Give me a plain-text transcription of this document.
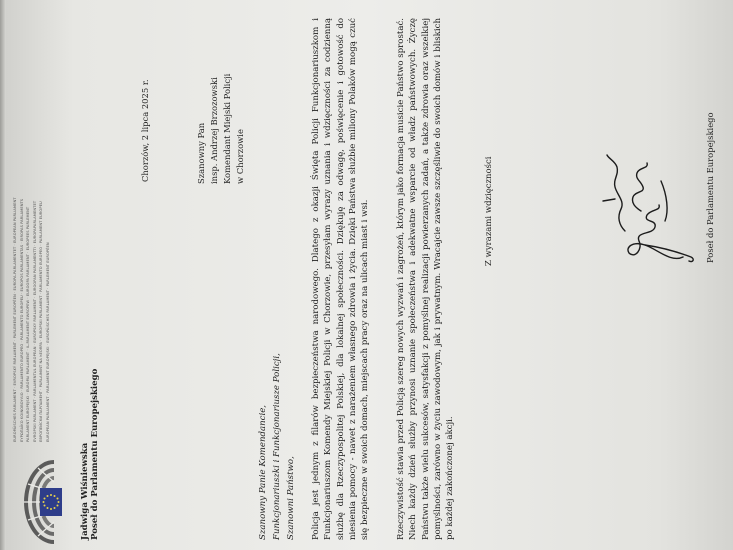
EUROPÄISCHES PARLAMENT · EVROPSKÝ PARLAMENT · PARLEMENT EUROPÉEN · EUROPA-PARLAMENTET · EUROPEAN PARLIAMENT ΕΥΡΩΠΑΪΚΟ ΚΟΙΝΟΒΟΥΛΙΟ · PARLAMENTO EUROPEO · PARLAMENTO EUROPEU · EUROPOS PARLAMENTAS · EIROPAS PARLAMENTS PARLAMENT EUROPEJSKI · EURÓPAI PARLAMENT · IL-PARLAMENT EWROPEW · EUROOPA PARLAMENT · EUROPEES PARLEMENT EVROPSKI PARLAMENT · PARLAMENTUL EUROPEAN · EURÓPSKY PARLAMENT · EUROOPAN PARLAMENTTI · EUROPAPARLAMENTET ЕВРОПЕЙСКИ ПАРЛАМЕНТ · PARLAIMINT NA hEORPA · EUROPSKI PARLAMENT · PARLAMENTO EUROPEO · PARLAMENT EUROPEU EUROPEAN PARLIAMENT · PARLAMENT EUROPEJSKI · EUROPÄISCHES PARLAMENT · PARLEMENT EUROPÉEN
Jadwiga Wiśniewska Poseł do Parlamentu Europejskiego
Chorzów, 2 lipca 2025 r.	Szanowny Pan insp. Andrzej Brzozowski Komendant Miejski Policji w Chorzowie
Szanowny Panie Komendancie, Funkcjonariuszki i Funkcjonariusze Policji, Szanowni Państwo, Policja jest jednym z filarów bezpieczeństwa narodowego. Dlatego z okazji Święta Policji Funkcjonariuszkom i Funkcjonariuszom Komendy Miejskiej Policji w Chorzowie, przesyłam wyrazy uznania i wdzięczności za codzienną służbę dla Rzeczypospolitej Polskiej, dla lokalnej społeczności. Dziękuję za odwagę, poświęcenie i gotowość do niesienia pomocy - nawet z narażeniem własnego zdrowia i życia. Dzięki Państwa służbie miliony Polaków mogą czuć się bezpieczne w swoich domach, miejscach pracy oraz na ulicach miast i wsi.	Rzeczywistość stawia przed Policją szereg nowych wyzwań i zagrożeń, którym jako formacja musicie Państwo sprostać. Niech każdy dzień służby przynosi uznanie społeczeństwa i adekwatne wsparcie od władz państwowych. Życzę Państwu także wielu sukcesów, satysfakcji z pomyślnej realizacji powierzanych zadań, a także zdrowia oraz wszelkiej pomyślności, zarówno w życiu zawodowym, jak i prywatnym. Wracajcie zawsze szczęśliwie do swoich domów i bliskich po każdej zakończonej akcji.
Z wyrazami wdzięczności	Poseł do Parlamentu Europejskiego
